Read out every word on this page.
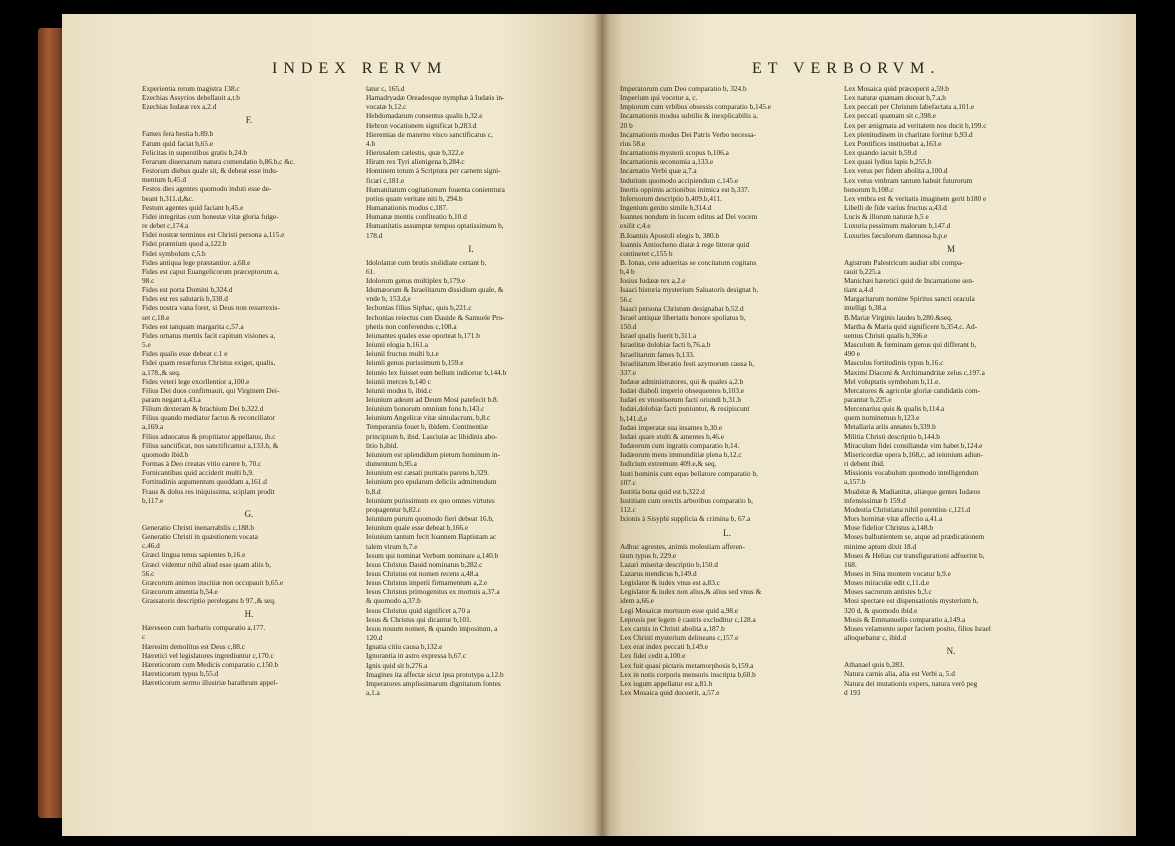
INDEX RERVM
Experientia rerum magistra 138.c
Ezechias Assyrios debellauit a,t.b
Ezechias Iudææ rex a,2.d
F.
Fames fera bestia b.89.b
Fatum quid faciat b,65.e
Felicitas in superstibus gratis b,24.b
Ferarum diuersarum natura comendatio b,86.b,c &c.
Festorum diebus quale sit, & debeat esse indu-
mentum b,45.d
Festos dies agentes quomodo induti esse de-
beant b,311.d,&c.
Festum agentes quid faciant b,45.e
Fidei integritas cum honestæ vitæ gloria fulge-
re debet c,174.a
Fidei nostræ terminus est Christi persona a,115.e
Fidei præmium quod a,122.b
Fidei symbolum c,5.b
Fides antiqua lege præstantior. a,68.e
Fides est caput Euangelicorum præceptorum a,
98.c
Fides est porta Domini b,324.d
Fides est res salutaris b,338.d
Fides nostra vana foret, si Deus non resurrexis-
set c,18.e
Fides est tanquam margarita c,57.a
Fides ornatus mentis facit capitum visiones a,
5.e
Fides qualis esse debeat c.1 e
Fidei quam resurfurus Christus exiget, qualis,
a,178.,& seq.
Fides veteri lege excellentior a,100.e
Filius Dei duos confirmauit, qui Virginem Dei-
param negant a,43.a
Filium dexteram & brachium Dei b,322.d
Filius quando mediator factus & reconciliator
a,169.a
Filius aduocatus & propitiator appellatus, ib.c
Filius sanctificat, nos sanctificamur a,133.b, &
quomodo ibid.b
Formas à Deo creatas vitio carere b, 70.c
Fornicantibus quid acciderit multi b,9.
Fortitudinis argumentum quoddam a,161.d
Fraus & dolus res iniquissima, sciplam prodit
b,117.e
G.
Generatio Christi inenarrabilis c,188.b
Generatio Christi in quæstionem vocata
c,46.d
Græci lingua tenus sapientes b,16.e
Græci videntur nihil aliud esse quam aliis b,
56.c
Græcorum animos inscitiæ non occupauit b,65.e
Græcorum amentia b,54.e
Grassatoris descriptio perelegans b 97.,& seq.
H.
Hæreseon cum barbaris comparatio a,177.
c
Hæresim demolitus est Deus c,88.c
Hæretici vel legislatores ingrediuntur c,170.c
Hæreticorum cum Medicis comparatio c,150.b
Hæreticorum typus b,55.d
Hæreticorum sermo illustriæ barathrum appel-
latur c, 165.d
Hamadryadæ Oreadesque nymphæ à Iudæis in-
vocatæ b,12.c
Hebdomadarum consentus qualis b,32.e
Hebron vocationem significat b,283.d
Hieremias de materno visco sanctificatus c,
4.b
Hierusalem cælestis, quæ b,322.e
Hiram rex Tyri alienigena b,284.c
Hominem totum à Scriptura per carnem signi-
ficari c,181.e
Humanitatum cogitationum fouenta conienttura
potius quam veritate niti b, 294.b
Humanationis modus c,187.
Humanæ mentis confiteatio b,10.d
Humanitatis assumptæ tempus optatissimum b,
178.d
I.
Idololatræ cum brutis stolidiate certant b,
61.
Idolorum genus multiplex b,179.e
Idumæorum & Israelitarum dissidium quale, &
vnde b, 153.d,e
Iechonias filius Siphac, quis b,221.c
Iechonias reiectus cum Dauide & Samuele Pro-
phetis non conferendus c,108.a
Ieiunantes quales esse oporteat b,171.b
Ieiunii elogia b,161.a
Ieiunii fructus multi b,t.e
Ieiunii genus purissimum b,159.e
Ieiunio lex fuisset eum bellum indicetur b,144.b
Ieiunii merces b,140 c
Ieiunii modus b, ibid.c
Ieiunium adeunt ad Deum Mosi patefecit b.8.
Ieiunium bonorum omnium fons b,143.c
Ieiunium Angelicæ vitæ simulacrum, b,8.c
Temperantia fouet b, ibidem. Continentiæ
principium b, ibid. Lasciuiæ ac libidinis abo-
litio b,ibid.
Ieiunium est splendidum pietum hominum in-
dumentum b,95.a
Ieiunium est cæsati puritatis parens b,329.
Ieiunium pro epularum deliciis admittendum
b,8.d
Ieiunium purissimum ex quo omnes virtutes
propagentur b,82.c
Ieiunium purum quomodo fieri debeat 16.b,
Ieiunium quale esse debeat b,166.e
Ieiunium tantum fecit Ioannem Baptistam ac
talem virum b,7.e
Iesum qui nominat Verbum nominare a,140.b
Iesus Christus Dauid nominatus b,282.c
Iesus Christus est nomen recens a,48.a
Iesus Christus imperii firmamentum a,2.e
Iesus Christus primogenitus ex mortuis a,37.a
& quomodo a,37.b
Iesus Christus quid significet a,70 a
Iesus & Christus qui dicantur b,101.
Iesus nouum nomen, & quando impositum, a
120.d
Ignatia citiu causa b,132.e
Ignorantia in astro expressa b,67.c
Ignis quid sit b,276.a
Imagines ita affectæ sicut ipsa prototypa a,12.b
Imperatores amplissimarum dignitatum fontes
a,1.a
ET VERBORVM.
Imperatorum cum Deo comparatio b, 324.b
Imperium qui vocetur a, c.
Impiorum cum vrbibus obsessis comparatio b,145.e
Incarnationis modus subtilis & inexplicabilis a,
20 b
Incarnationis modus Dei Patris Verbo necessa-
rius 58.e
Incarnationis mysterii scopus b,106.a
Incarnationis œconomia a,133.e
Incarnatio Verbi quæ a,7.a
Indutium quomodo accipiendum c,145.e
Inertis oppimis actionibus inimica est b,337.
Infernorum descriptio b,409.b,411.
Ingenium genito simile b,314.d
Ioannes nondum in lucem editus ad Dei vocem
exilit c,4.e
B.Ioannis Apostoli elegis b, 380.b
Ioannis Antiocheno diatæ à rege litteræ quid
contineret c,155 b
B. Ionas, cete adueritas se concitatum cogitans
b,4 b
Iosius Iudææ rex a,2.e
Isaaci historia mysterium Saluatoris designat b,
56.c
Isaaci persona Christum designabat b,52.d
Israel antiquæ libertatis honore spoliatus b,
150.d
Israel qualis fuerit b,311.a
Israelitæ dolobiæ facti b,76.a,b
Israelitarum fames b,133.
Israelitarum liberatio festi azymorum causa b,
337.e
Iudææ administratores, qui & quales a,2.b
Iudæi diaboli imperio obsequentes b,103.e
Iudæi ex vnostisorum facti oriundi b,31.b
Iudæi,dolobiæ facti puniuntur, & resipiscunt
b,141.d,e
Iudæi imperatæ sua insames b,30.e
Iudæi quare stulti & amentes b,46.e
Iudæorum cum ingratis comparatio b,14.
Iudæorum mens immunditiæ plena b,12.c
Iudicium extremum 409.e,& seq.
Iusti hominis cum equo bellatore comparatio b,
107.c
Iustitia bona quid est b,322.d
Iustitiam cum orectis arboribus comparatio b,
112.c
Ixionis à Sisyphi supplicia & crimina b, 67.a
L.
Adhuc agrestes, animis molestiam afferen-
tium typus b, 229.e
Lazari miseriæ descriptio b,150.d
Lazarus mendicus b,149.d
Legislator & iudex vnus est a,83.c
Legislator & iudex non alius,& alius sed vnus &
idem a,66.e
Legi Mosaicæ mortuum esse quid a,98.e
Leprosis per legem è castris excluditur c,128.a
Lex carnis in Christi abolita a,187.b
Lex Christi mysterium delineans c,157.e
Lex erat index peccati b,149.e
Lex fidei cedit a,100.e
Lex fuit quasi pictaris metamorphosis b,159.a
Lex in notis corporis mensuris inscripta b,60.b
Lex iugum appellatur est a,81.b
Lex Mosaica quid docuerit, a,57.e
Lex Mosaica quid præceperit a,59.b
Lex naturæ quænam doceat b,7.a,b
Lex peccati per Christum labefactata a,101.e
Lex peccati quænam sit c,398.e
Lex per ænigmata ad veritatem nos ducit b,199.c
Lex plenitudinem in charitate fortitur b,93.d
Lex Pontifices instituebat a,163.e
Lex quando iacuit b,59.d
Lex quasi lydius lapis b,255.b
Lex vetus per fidem abolita a,100.d
Lex vetus vmbram tantum habuit futurorum
bonorum b,108.c
Lex vmbra est & veritatis imaginem gerit b180 e
Libelli de fide varius fructus a,43.d
Lucis & illorum naturæ b,5 e
Luxuria pessimum malorum b,147.d
Luxuries fæculorum damnosa b,p.e
M
Agistrum Palestricum audiat sibi compa-
rauit b,225.a
Manichæi hæretici quid de Incarnatione sen-
tiant a,4.d
Margaritarum nomine Spiritus sancti oracula
intelligi b,38.a
B.Mariæ Virginis laudes b,280.&seq.
Martha & Maria quid significent b,354.c. Ad-
uentus Christi qualis b,396.e
Masculum & fœminam genus qui differant b,
490 e
Masculus fortitudinis typus b,16.c
Maximi Diaconi & Archimandritæ zelus c,197.a
Mel voluptatis symbolum b,11.e.
Mercatores & agricolæ gloriæ candidatis com-
parantur b,225.e
Mercenarius quis & qualis b,114.a
quem nominemus b,123.e
Metallaria ariis annates b,339.b
Militia Christi descriptio b,144.b
Miraculum fidei consiliandæ vim habet b,124.e
Misericordiæ opera b,168,c, ad ieiunium adiun-
ri debent ibid.
Missionis vocabulum quomodo intelligendum
a,157.b
Moabitæ & Madianitæ, aliæque gentes Iudæos
infensissimæ b 159.d
Modestia Christiana nihil potentius c,121.d
Mors hominæ vitæ affectio a,41.a
Mose fidelior Christus a,148.b
Moses balbutientem se, atque ad prædicationem
minime aptum dixit 18.d
Moses & Helias cur transfigurationi adfuerint b,
168.
Moses in Sina montem vocatur b,9.e
Moses miraculæ edit c,11.d,e
Moses sacrorum antistes b,3.c
Mosi spectare est dispensationis mysterium b,
320 d, & quomodo ibid.e
Mosis & Emmanuelis comparatio a,149.a
Moses velamento super faciem posito, filios Israel
alloquebatur c, ibid.d
N.
Athanael quis b,283.
Natura carnis alia, alia est Verbi a, 5.d
Natura dei mutationis expers, natura verò peg
d 193
